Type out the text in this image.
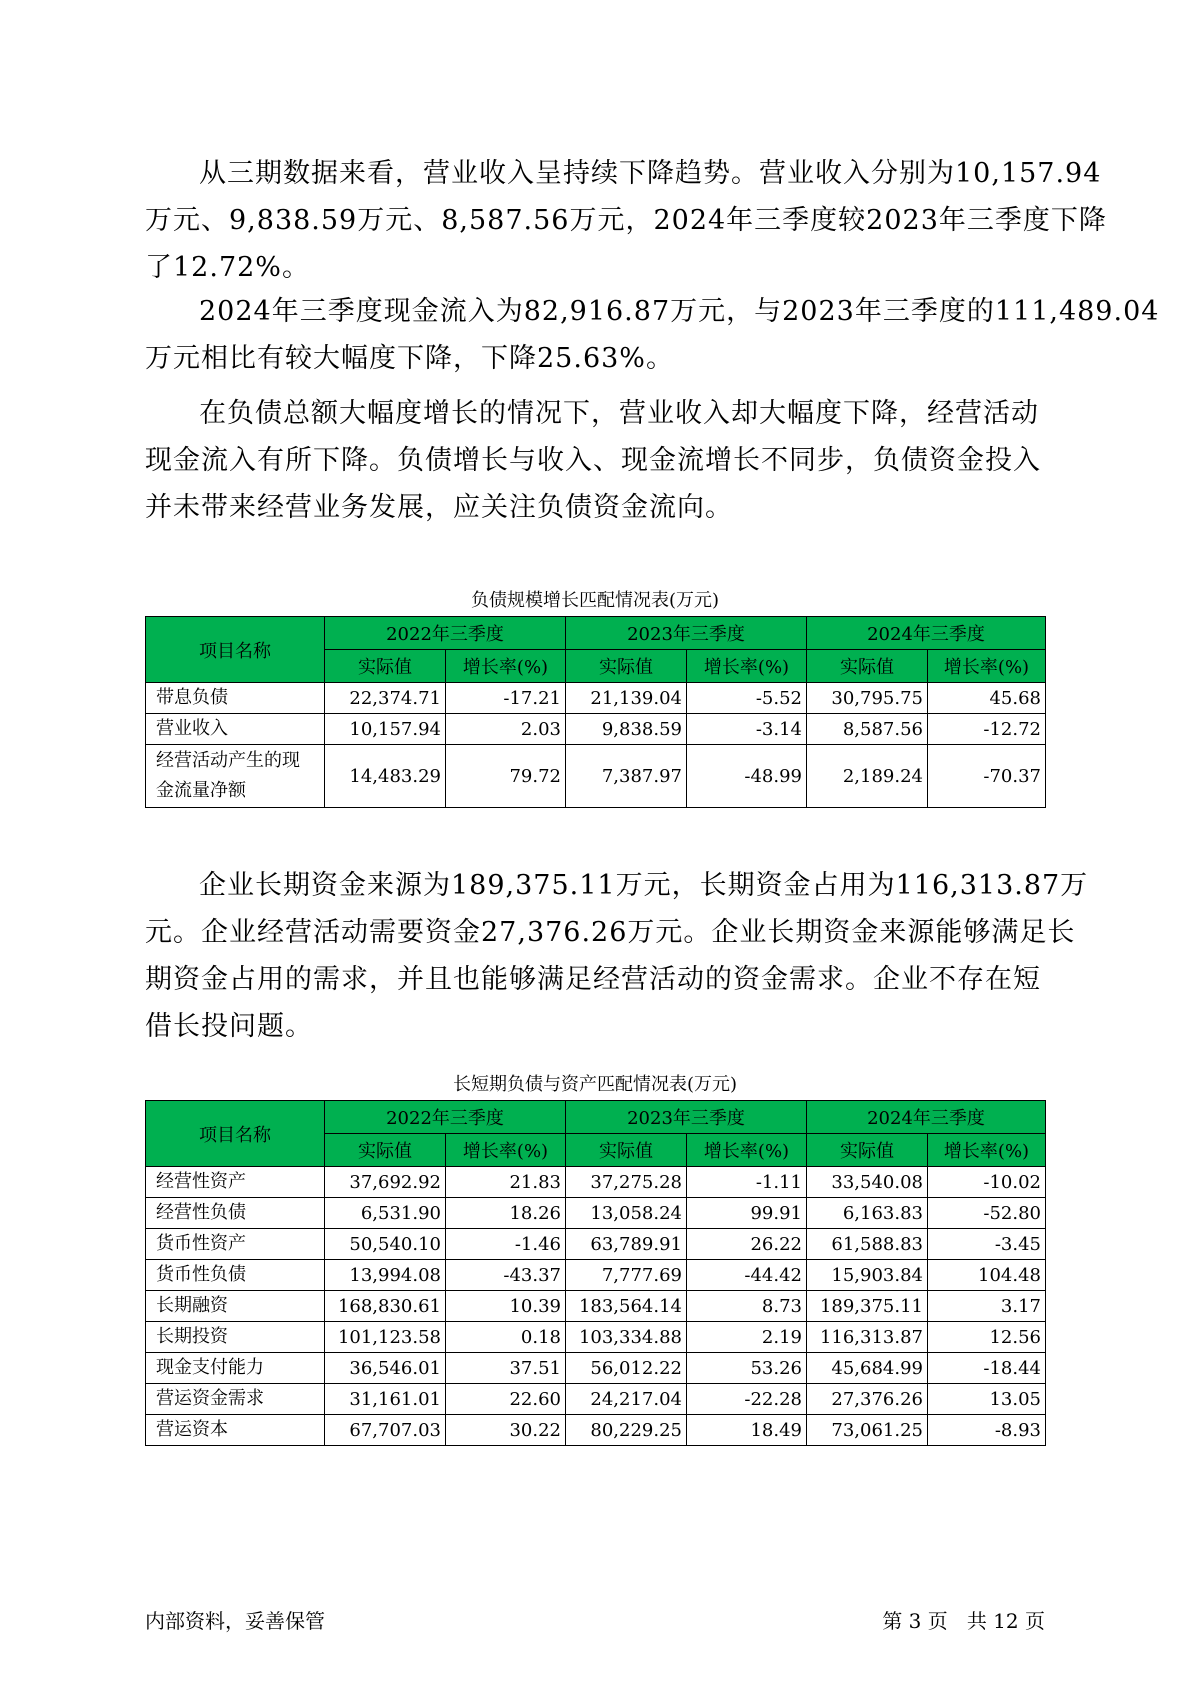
从三期数据来看，营业收入呈持续下降趋势。营业收入分别为10,157.94
万元、9,838.59万元、8,587.56万元，2024年三季度较2023年三季度下降
了12.72%。

2024年三季度现金流入为82,916.87万元，与2023年三季度的111,489.04
万元相比有较大幅度下降，下降25.63%。

在负债总额大幅度增长的情况下，营业收入却大幅度下降，经营活动
现金流入有所下降。负债增长与收入、现金流增长不同步，负债资金投入
并未带来经营业务发展，应关注负债资金流向。

负债规模增长匹配情况表(万元)

项目名称	2022年三季度		2023年三季度		2024年三季度	
	实际值	增长率(%)	实际值	增长率(%)	实际值	增长率(%)

带息负债	22,374.71	-17.21	21,139.04	-5.52	30,795.75	45.68

营业收入	10,157.94	2.03	9,838.59	-3.14	8,587.56	-12.72

经营活动产生的现
金流量净额	14,483.29	79.72	7,387.97	-48.99	2,189.24	-70.37

企业长期资金来源为189,375.11万元，长期资金占用为116,313.87万
元。企业经营活动需要资金27,376.26万元。企业长期资金来源能够满足长
期资金占用的需求，并且也能够满足经营活动的资金需求。企业不存在短
借长投问题。

长短期负债与资产匹配情况表(万元)

项目名称	2022年三季度		2023年三季度		2024年三季度	
	实际值	增长率(%)	实际值	增长率(%)	实际值	增长率(%)

经营性资产	37,692.92	21.83	37,275.28	-1.11	33,540.08	-10.02

经营性负债	6,531.90	18.26	13,058.24	99.91	6,163.83	-52.80

货币性资产	50,540.10	-1.46	63,789.91	26.22	61,588.83	-3.45

货币性负债	13,994.08	-43.37	7,777.69	-44.42	15,903.84	104.48

长期融资	168,830.61	10.39	183,564.14	8.73	189,375.11	3.17

长期投资	101,123.58	0.18	103,334.88	2.19	116,313.87	12.56

现金支付能力	36,546.01	37.51	56,012.22	53.26	45,684.99	-18.44

营运资金需求	31,161.01	22.60	24,217.04	-22.28	27,376.26	13.05

营运资本	67,707.03	30.22	80,229.25	18.49	73,061.25	-8.93

内部资料，妥善保管	第 3 页   共 12 页
